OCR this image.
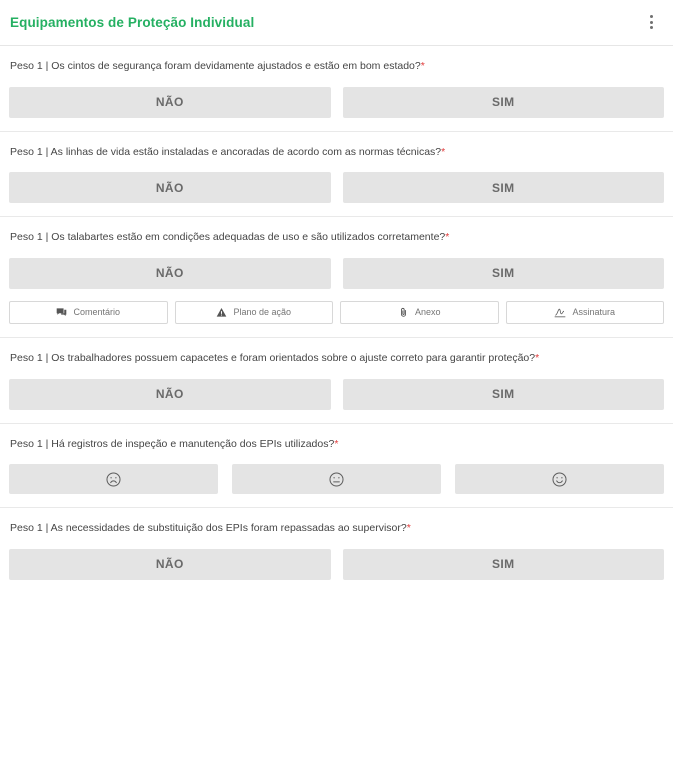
Equipamentos de Proteção Individual

Peso 1 | Os cintos de segurança foram devidamente ajustados e estão em bom estado?*

NÃO	SIM

Peso 1 | As linhas de vida estão instaladas e ancoradas de acordo com as normas técnicas?*

NÃO	SIM

Peso 1 | Os talabartes estão em condições adequadas de uso e são utilizados corretamente?*

NÃO	SIM
Comentário	Plano de ação	Anexo	Assinatura

Peso 1 | Os trabalhadores possuem capacetes e foram orientados sobre o ajuste correto para garantir proteção?*

NÃO	SIM

Peso 1 | Há registros de inspeção e manutenção dos EPIs utilizados?*

Peso 1 | As necessidades de substituição dos EPIs foram repassadas ao supervisor?*

NÃO	SIM
